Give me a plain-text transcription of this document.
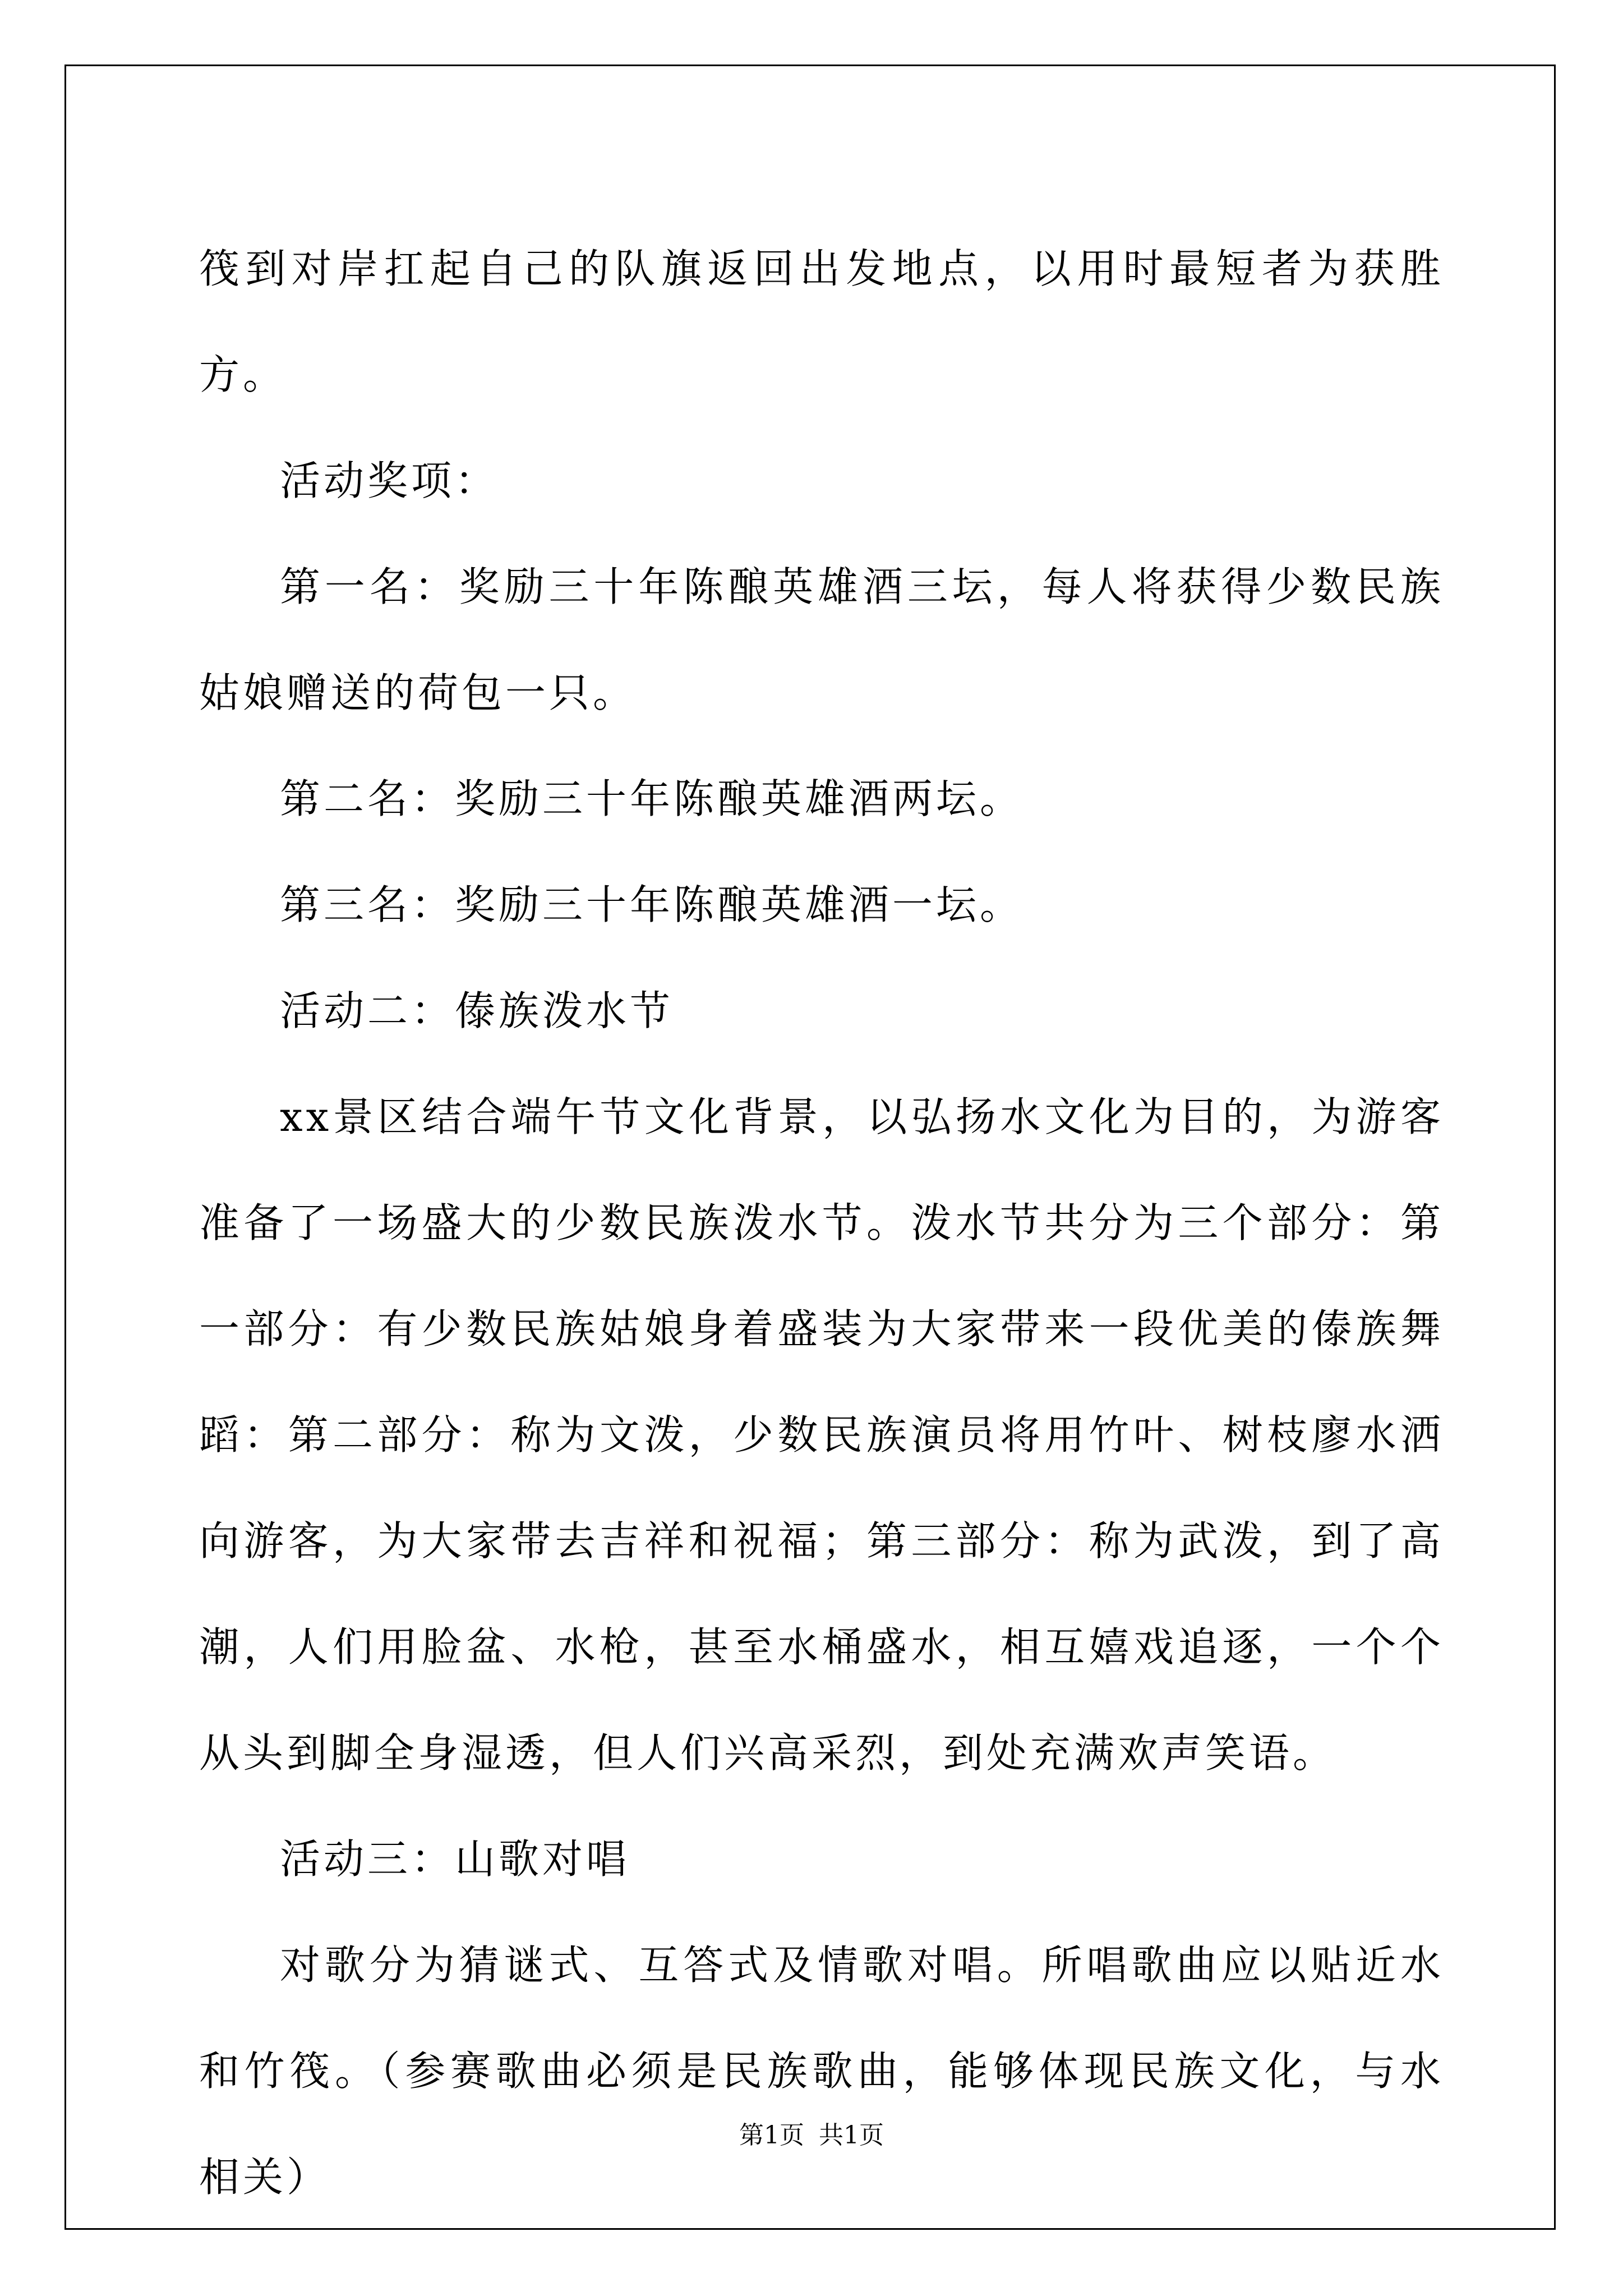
筏到对岸扛起自己的队旗返回出发地点，以用时最短者为获胜方。

活动奖项：

第一名：奖励三十年陈酿英雄酒三坛，每人将获得少数民族姑娘赠送的荷包一只。

第二名：奖励三十年陈酿英雄酒两坛。

第三名：奖励三十年陈酿英雄酒一坛。

活动二：傣族泼水节

xx景区结合端午节文化背景，以弘扬水文化为目的，为游客准备了一场盛大的少数民族泼水节。泼水节共分为三个部分：第一部分：有少数民族姑娘身着盛装为大家带来一段优美的傣族舞蹈：第二部分：称为文泼，少数民族演员将用竹叶、树枝廖水洒向游客，为大家带去吉祥和祝福；第三部分：称为武泼，到了高潮，人们用脸盆、水枪，甚至水桶盛水，相互嬉戏追逐，一个个从头到脚全身湿透，但人们兴高采烈，到处充满欢声笑语。

活动三：山歌对唱

对歌分为猜谜式、互答式及情歌对唱。所唱歌曲应以贴近水和竹筏。（参赛歌曲必须是民族歌曲，能够体现民族文化，与水相关）

第1页 共1页
